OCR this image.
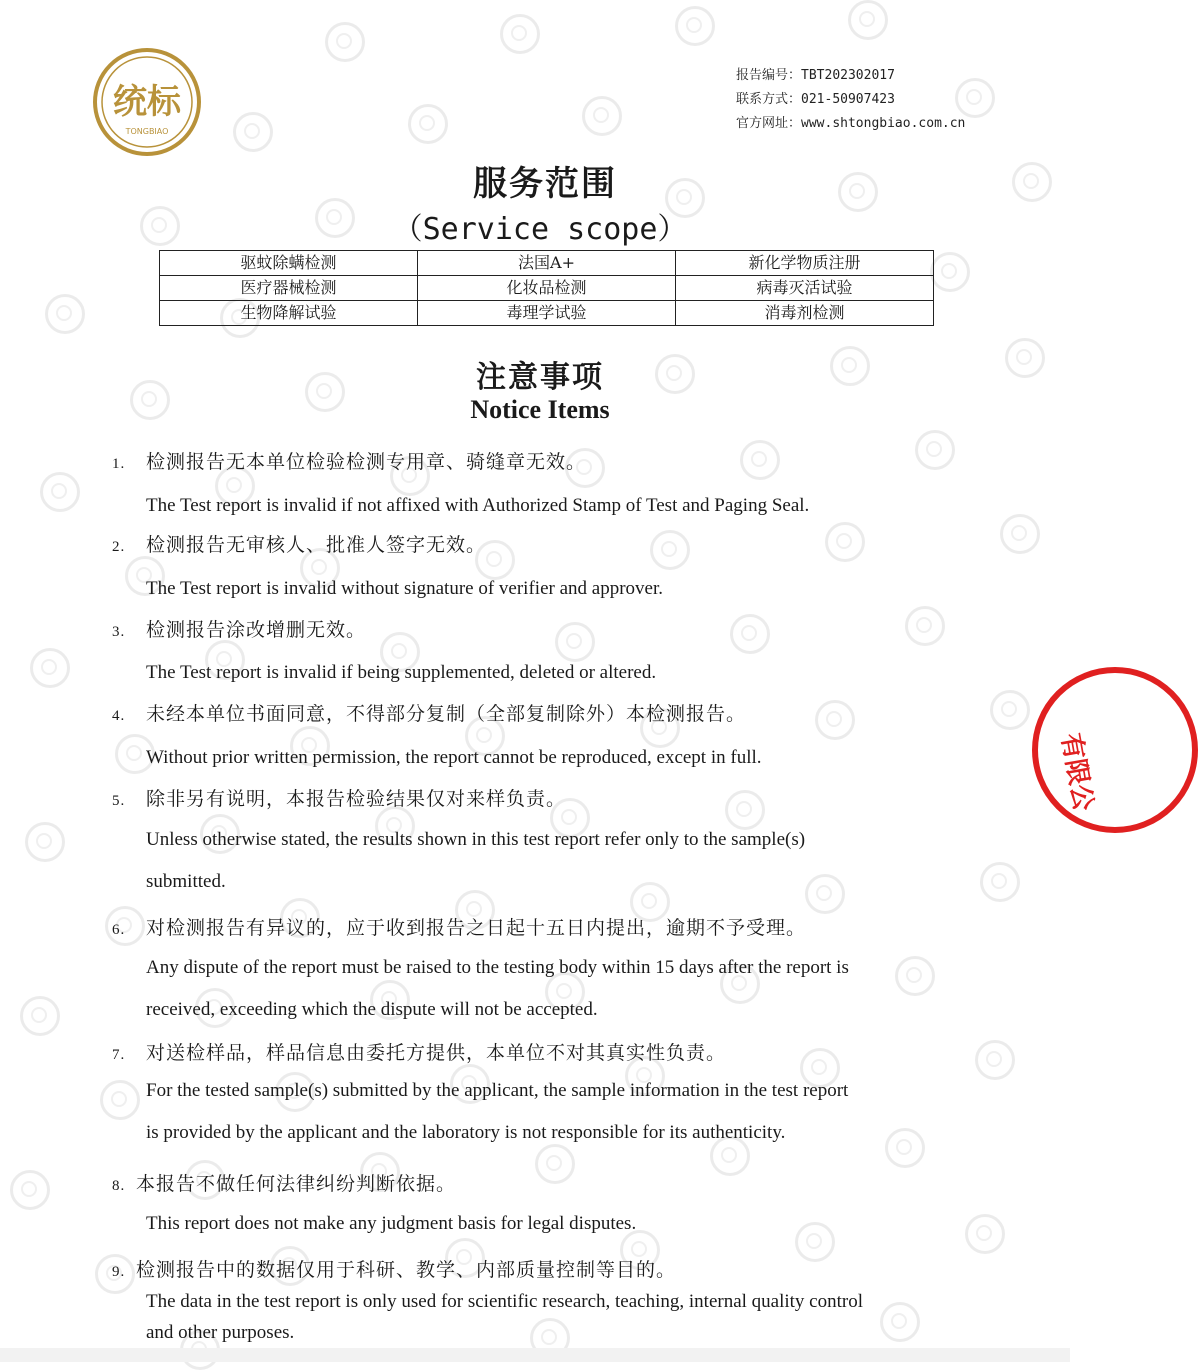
统标
TONGBIAO
报告编号：TBT202302017
联系方式：021-50907423
官方网址：www.shtongbiao.com.cn
服务范围
（Service scope）
驱蚊除螨检测	法国A+	新化学物质注册
医疗器械检测	化妆品检测	病毒灭活试验
生物降解试验	毒理学试验	消毒剂检测
注意事项
Notice Items
1. 检测报告无本单位检验检测专用章、骑缝章无效。
The Test report is invalid if not affixed with Authorized Stamp of Test and Paging Seal.
2. 检测报告无审核人、批准人签字无效。
The Test report is invalid without signature of verifier and approver.
3. 检测报告涂改增删无效。
The Test report is invalid if being supplemented, deleted or altered.
4. 未经本单位书面同意，不得部分复制（全部复制除外）本检测报告。
Without prior written permission, the report cannot be reproduced, except in full.
5. 除非另有说明，本报告检验结果仅对来样负责。
Unless otherwise stated, the results shown in this test report refer only to the sample(s)
submitted.
6. 对检测报告有异议的，应于收到报告之日起十五日内提出，逾期不予受理。
Any dispute of the report must be raised to the testing body within 15 days after the report is
received, exceeding which the dispute will not be accepted.
7. 对送检样品，样品信息由委托方提供，本单位不对其真实性负责。
For the tested sample(s) submitted by the applicant, the sample information in the test report
is provided by the applicant and the laboratory is not responsible for its authenticity.
8. 本报告不做任何法律纠纷判断依据。
This report does not make any judgment basis for legal disputes.
9. 检测报告中的数据仅用于科研、教学、内部质量控制等目的。
The data in the test report is only used for scientific research, teaching, internal quality control
and other purposes.
有限公
